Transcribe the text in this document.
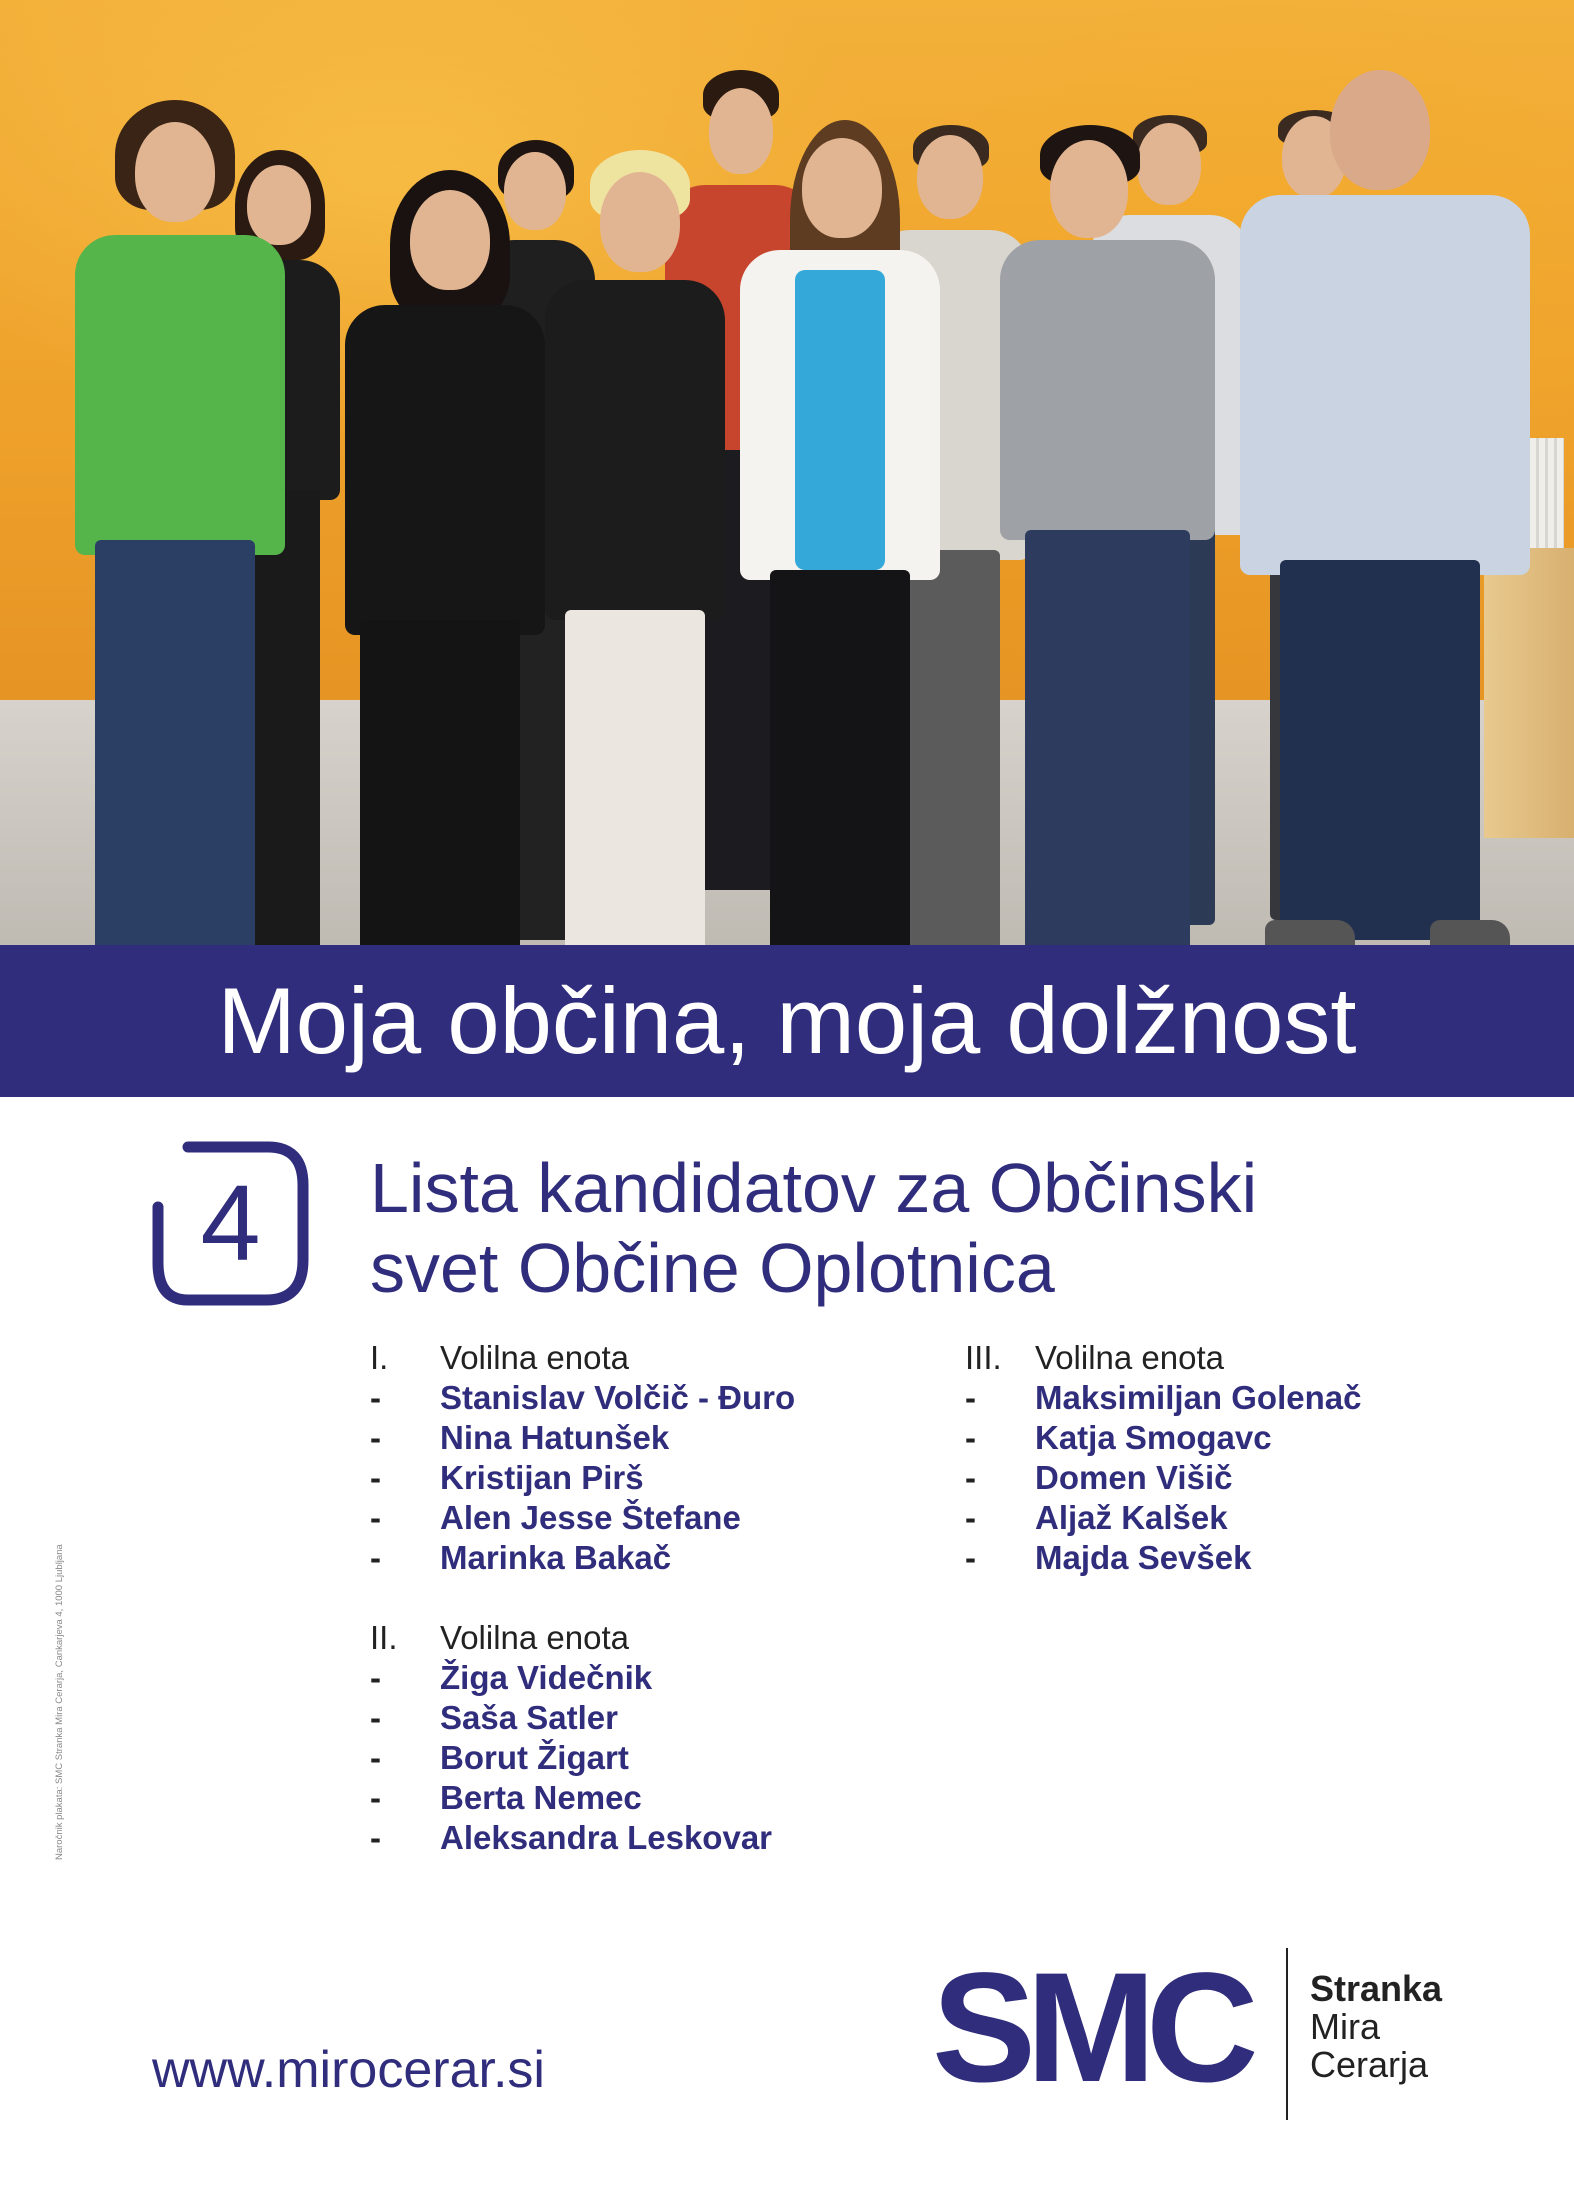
Moja občina, moja dolžnost
4	Lista kandidatov za Občinski
svet Občine Oplotnica
I.	Volilna enota
-	Stanislav Volčič - Đuro
-	Nina Hatunšek
-	Kristijan Pirš
-	Alen Jesse Štefane
-	Marinka Bakač
II.	Volilna enota
-	Žiga Videčnik
-	Saša Satler
-	Borut Žigart
-	Berta Nemec
-	Aleksandra Leskovar
III.	Volilna enota
-	Maksimiljan Golenač
-	Katja Smogavc
-	Domen Višič
-	Aljaž Kalšek
-	Majda Sevšek
Naročnik plakata: SMC Stranka Mira Cerarja, Cankarjeva 4, 1000 Ljubljana
www.mirocerar.si SMC Stranka
Mira
Cerarja
